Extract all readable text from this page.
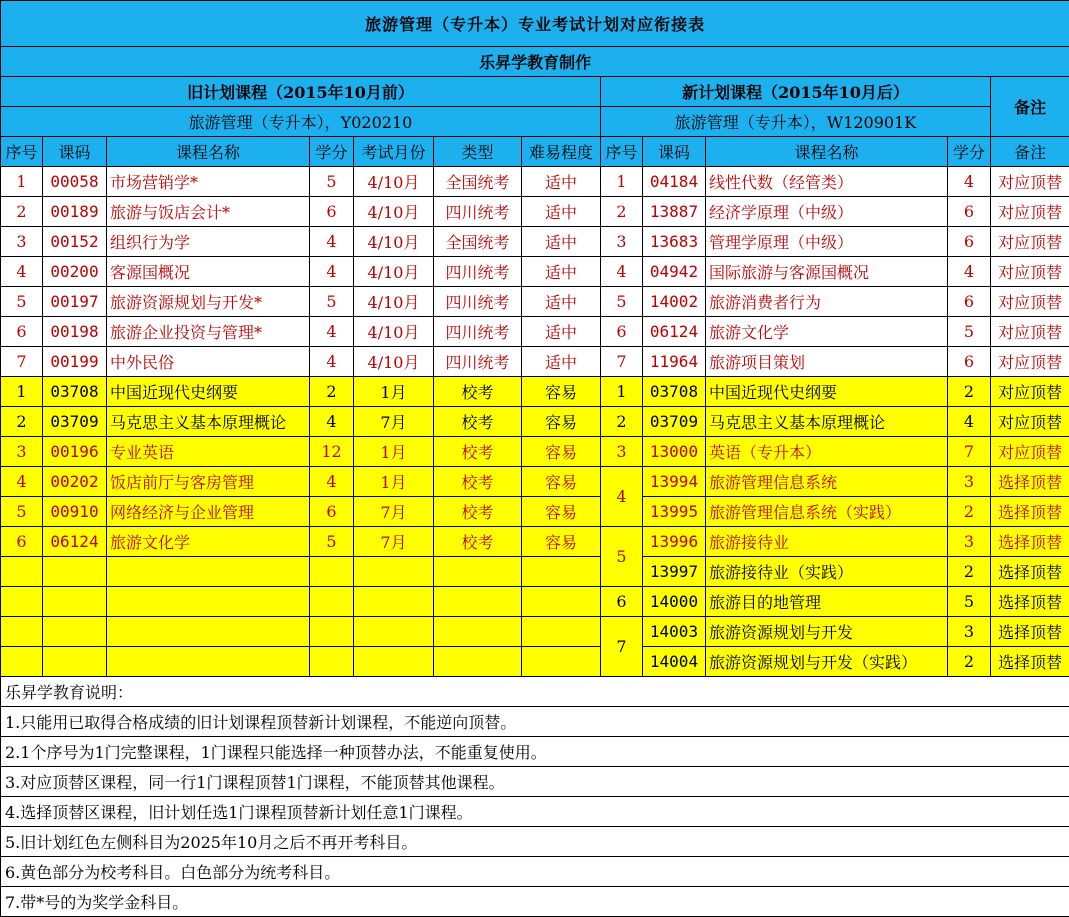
旅游管理（专升本）专业考试计划对应衔接表											
乐昇学教育制作											
旧计划课程（2015年10月前）							新计划课程（2015年10月后）				备注
旅游管理（专升本），Y020210							旅游管理（专升本），W120901K				
序号	课码	课程名称	学分	考试月份	类型	难易程度	序号	课码	课程名称	学分	备注
1	00058	市场营销学*	5	4/10月	全国统考	适中	1	04184	线性代数（经管类）	4	对应顶替
2	00189	旅游与饭店会计*	6	4/10月	四川统考	适中	2	13887	经济学原理（中级）	6	对应顶替
3	00152	组织行为学	4	4/10月	全国统考	适中	3	13683	管理学原理（中级）	6	对应顶替
4	00200	客源国概况	4	4/10月	四川统考	适中	4	04942	国际旅游与客源国概况	4	对应顶替
5	00197	旅游资源规划与开发*	5	4/10月	四川统考	适中	5	14002	旅游消费者行为	6	对应顶替
6	00198	旅游企业投资与管理*	4	4/10月	四川统考	适中	6	06124	旅游文化学	5	对应顶替
7	00199	中外民俗	4	4/10月	四川统考	适中	7	11964	旅游项目策划	6	对应顶替
1	03708	中国近现代史纲要	2	1月	校考	容易	1	03708	中国近现代史纲要	2	对应顶替
2	03709	马克思主义基本原理概论	4	7月	校考	容易	2	03709	马克思主义基本原理概论	4	对应顶替
3	00196	专业英语	12	1月	校考	容易	3	13000	英语（专升本）	7	对应顶替
4	00202	饭店前厅与客房管理	4	1月	校考	容易	4	13994	旅游管理信息系统	3	选择顶替
5	00910	网络经济与企业管理	6	7月	校考	容易		13995	旅游管理信息系统（实践）	2	选择顶替
6	06124	旅游文化学	5	7月	校考	容易	5	13996	旅游接待业	3	选择顶替
								13997	旅游接待业（实践）	2	选择顶替
							6	14000	旅游目的地管理	5	选择顶替
							7	14003	旅游资源规划与开发	3	选择顶替
								14004	旅游资源规划与开发（实践）	2	选择顶替
乐昇学教育说明：											
1.只能用已取得合格成绩的旧计划课程顶替新计划课程，不能逆向顶替。											
2.1个序号为1门完整课程，1门课程只能选择一种顶替办法，不能重复使用。											
3.对应顶替区课程，同一行1门课程顶替1门课程，不能顶替其他课程。											
4.选择顶替区课程，旧计划任选1门课程顶替新计划任意1门课程。											
5.旧计划红色左侧科目为2025年10月之后不再开考科目。											
6.黄色部分为校考科目。白色部分为统考科目。											
7.带*号的为奖学金科目。											
